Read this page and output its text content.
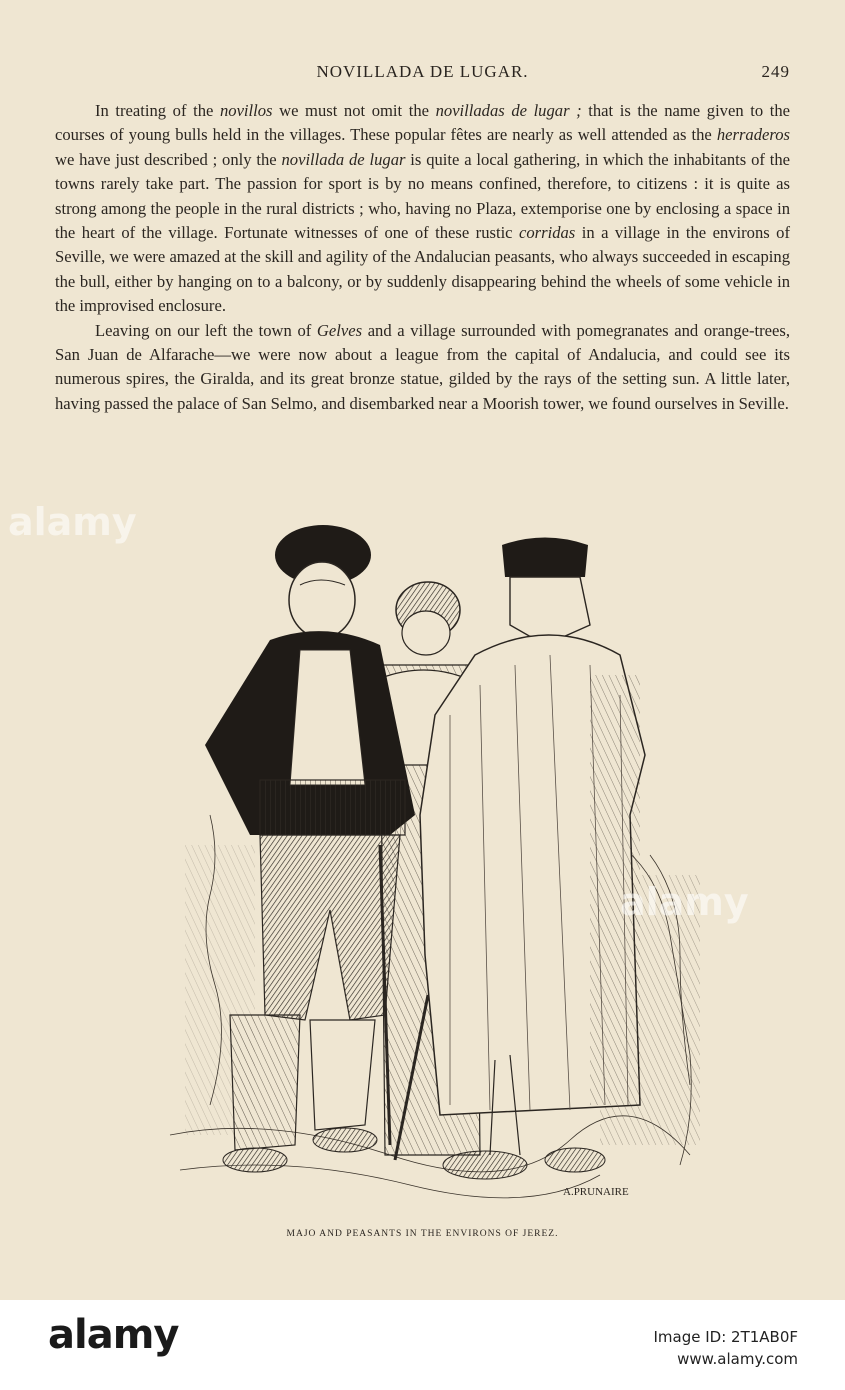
NOVILLADA DE LUGAR.	249

In treating of the novillos we must not omit the novilladas de lugar ; that is the name given to the courses of young bulls held in the villages. These popular fêtes are nearly as well attended as the herraderos we have just described ; only the novillada de lugar is quite a local gathering, in which the inhabitants of the towns rarely take part. The passion for sport is by no means confined, therefore, to citizens : it is quite as strong among the people in the rural districts ; who, having no Plaza, extemporise one by enclosing a space in the heart of the village. Fortunate witnesses of one of these rustic corridas in a village in the environs of Seville, we were amazed at the skill and agility of the Andalucian peasants, who always succeeded in escaping the bull, either by hanging on to a balcony, or by suddenly disappearing behind the wheels of some vehicle in the improvised enclosure.

Leaving on our left the town of Gelves and a village surrounded with pomegranates and orange-trees, San Juan de Alfarache—we were now about a league from the capital of Andalucia, and could see its numerous spires, the Giralda, and its great bronze statue, gilded by the rays of the setting sun. A little later, having passed the palace of San Selmo, and disembarked near a Moorish tower, we found ourselves in Seville.

A.PRUNAIRE
MAJO AND PEASANTS IN THE ENVIRONS OF JEREZ.
alamy
alamy
alamy	Image ID: 2T1AB0F
www.alamy.com
